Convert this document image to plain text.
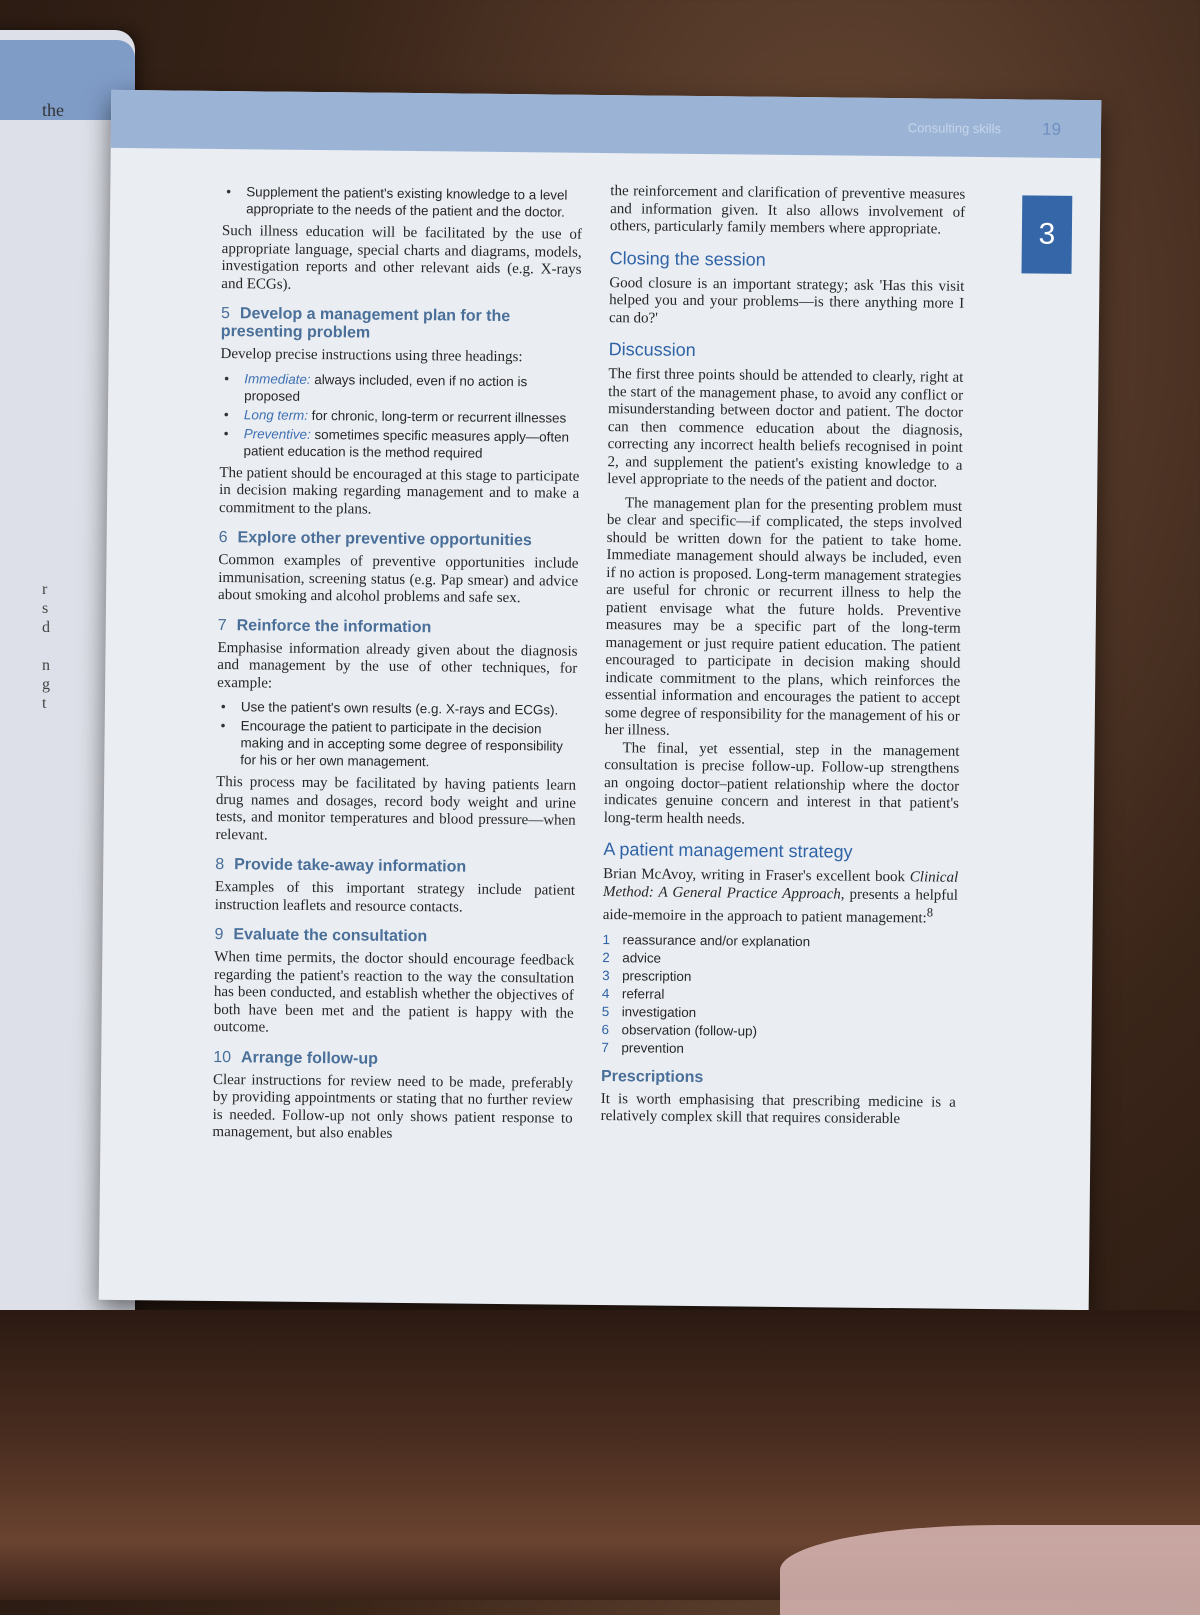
the
r
s
d

n
g
t
Consulting skills 19
3
• Supplement the patient's existing knowledge to a level appropriate to the needs of the patient and the doctor.

Such illness education will be facilitated by the use of appropriate language, special charts and diagrams, models, investigation reports and other relevant aids (e.g. X-rays and ECGs).

5 Develop a management plan for the presenting problem

Develop precise instructions using three headings:

• Immediate: always included, even if no action is proposed
• Long term: for chronic, long-term or recurrent illnesses
• Preventive: sometimes specific measures apply—often patient education is the method required

The patient should be encouraged at this stage to participate in decision making regarding management and to make a commitment to the plans.

6 Explore other preventive opportunities

Common examples of preventive opportunities include immunisation, screening status (e.g. Pap smear) and advice about smoking and alcohol problems and safe sex.

7 Reinforce the information

Emphasise information already given about the diagnosis and management by the use of other techniques, for example:

• Use the patient's own results (e.g. X-rays and ECGs).
• Encourage the patient to participate in the decision making and in accepting some degree of responsibility for his or her own management.

This process may be facilitated by having patients learn drug names and dosages, record body weight and urine tests, and monitor temperatures and blood pressure—when relevant.

8 Provide take-away information

Examples of this important strategy include patient instruction leaflets and resource contacts.

9 Evaluate the consultation

When time permits, the doctor should encourage feedback regarding the patient's reaction to the way the consultation has been conducted, and establish whether the objectives of both have been met and the patient is happy with the outcome.

10 Arrange follow-up

Clear instructions for review need to be made, preferably by providing appointments or stating that no further review is needed. Follow-up not only shows patient response to management, but also enables

the reinforcement and clarification of preventive measures and information given. It also allows involvement of others, particularly family members where appropriate.

Closing the session

Good closure is an important strategy; ask 'Has this visit helped you and your problems—is there anything more I can do?'

Discussion

The first three points should be attended to clearly, right at the start of the management phase, to avoid any conflict or misunderstanding between doctor and patient. The doctor can then commence education about the diagnosis, correcting any incorrect health beliefs recognised in point 2, and supplement the patient's existing knowledge to a level appropriate to the needs of the patient and doctor.

The management plan for the presenting problem must be clear and specific—if complicated, the steps involved should be written down for the patient to take home. Immediate management should always be included, even if no action is proposed. Long-term management strategies are useful for chronic or recurrent illness to help the patient envisage what the future holds. Preventive measures may be a specific part of the long-term management or just require patient education. The patient encouraged to participate in decision making should indicate commitment to the plans, which reinforces the essential information and encourages the patient to accept some degree of responsibility for the management of his or her illness.

The final, yet essential, step in the management consultation is precise follow-up. Follow-up strengthens an ongoing doctor–patient relationship where the doctor indicates genuine concern and interest in that patient's long-term health needs.

A patient management strategy

Brian McAvoy, writing in Fraser's excellent book Clinical Method: A General Practice Approach, presents a helpful aide-memoire in the approach to patient management:$^8$

1 reassurance and/or explanation
2 advice
3 prescription
4 referral
5 investigation
6 observation (follow-up)
7 prevention
Prescriptions

It is worth emphasising that prescribing medicine is a relatively complex skill that requires considerable
